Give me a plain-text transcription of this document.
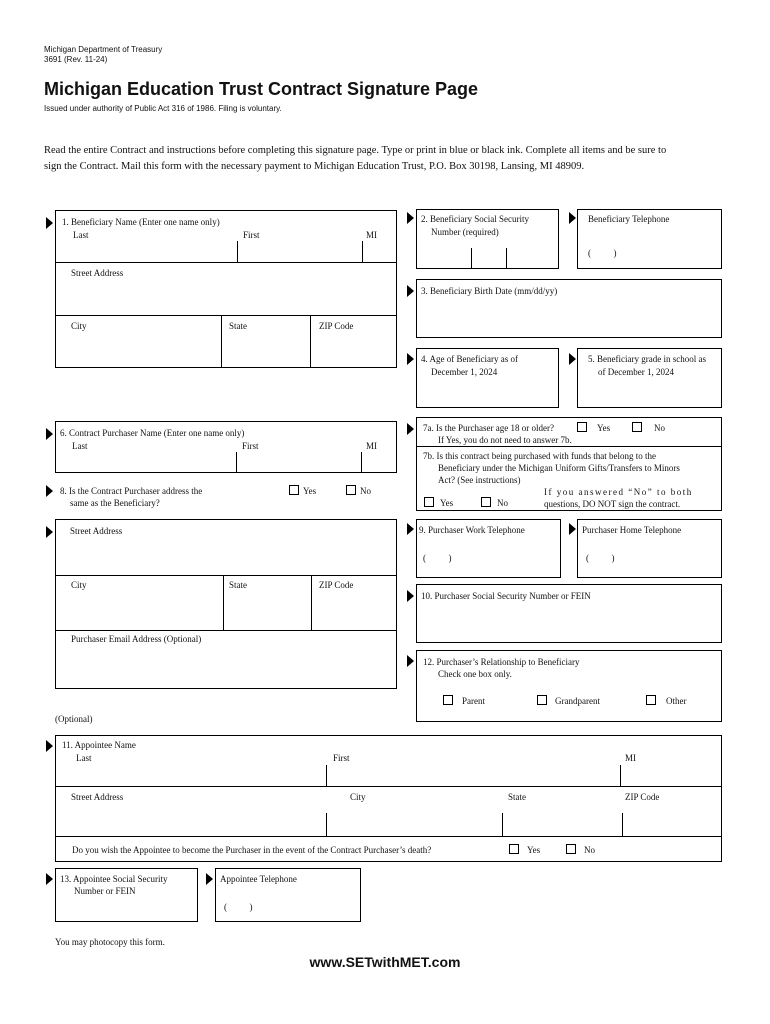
Michigan Department of Treasury
3691 (Rev. 11-24)
Michigan Education Trust Contract Signature Page
Issued under authority of Public Act 316 of 1986. Filing is voluntary.
Read the entire Contract and instructions before completing this signature page. Type or print in blue or black ink. Complete all items and be sure to
sign the Contract. Mail this form with the necessary payment to Michigan Education Trust, P.O. Box 30198, Lansing, MI 48909.
1. Beneficiary Name (Enter one name only)
Last	First	MI
Street Address
City	State	ZIP Code
2. Beneficiary Social Security
Number (required)
Beneficiary Telephone
(          )
3. Beneficiary Birth Date (mm/dd/yy)
4. Age of Beneficiary as of
December 1, 2024
5. Beneficiary grade in school as
of December 1, 2024
6. Contract Purchaser Name (Enter one name only)
Last	First	MI
8. Is the Contract Purchaser address the
same as the Beneficiary?
Yes	No
7a. Is the Purchaser age 18 or older?
If Yes, you do not need to answer 7b.
Yes	No
7b. Is this contract being purchased with funds that belong to the
Beneficiary under the Michigan Uniform Gifts/Transfers to Minors
Act? (See instructions)
Yes	No
If you answered “No” to both
questions, DO NOT sign the contract.
Street Address
City	State	ZIP Code
Purchaser Email Address (Optional)
9. Purchaser Work Telephone
(          )
Purchaser Home Telephone
(          )
10. Purchaser Social Security Number or FEIN
12. Purchaser’s Relationship to Beneficiary
Check one box only.
Parent	Grandparent	Other
(Optional)
11. Appointee Name
Last	First	MI
Street Address	City	State	ZIP Code
Do you wish the Appointee to become the Purchaser in the event of the Contract Purchaser’s death?	Yes	No
13. Appointee Social Security
Number or FEIN
Appointee Telephone
(          )
You may photocopy this form.
www.SETwithMET.com
